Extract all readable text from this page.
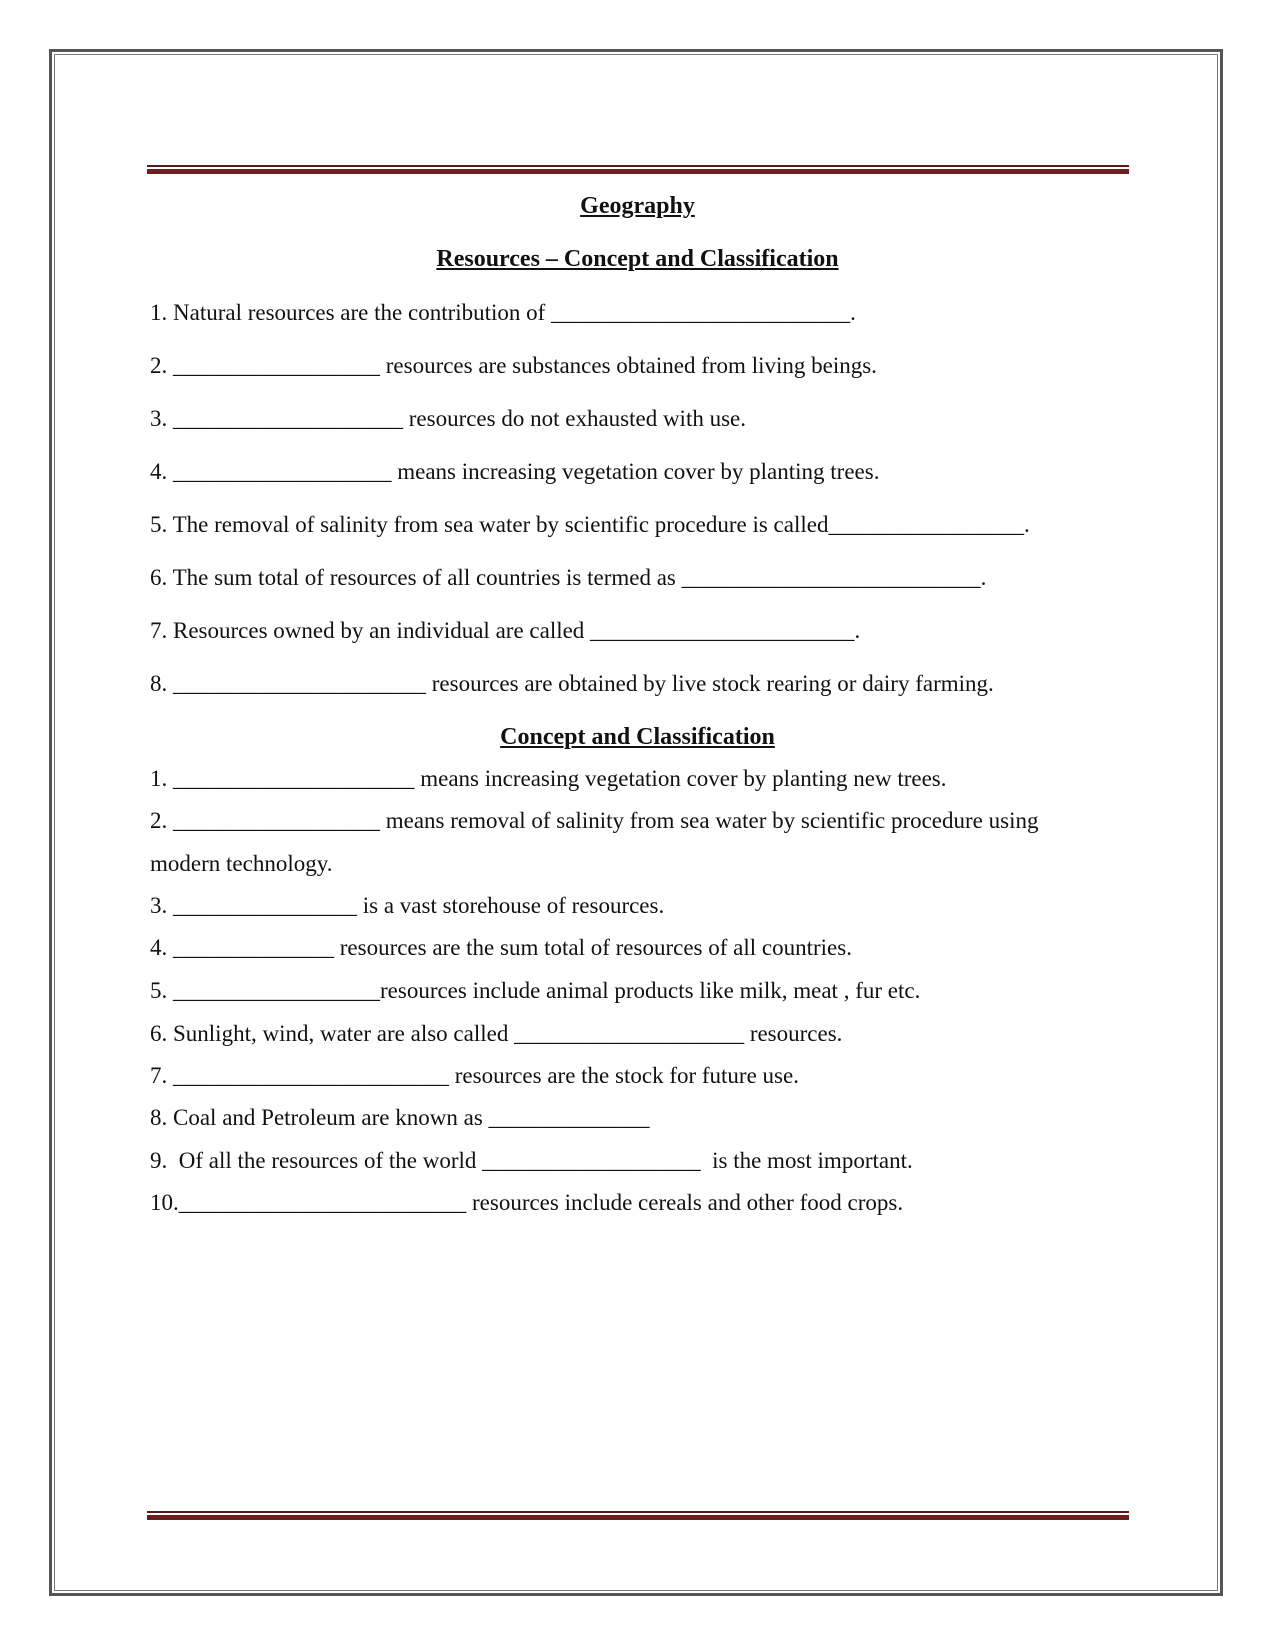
Geography
Resources – Concept and Classification
1. Natural resources are the contribution of __________________________.
2. __________________ resources are substances obtained from living beings.
3. ____________________ resources do not exhausted with use.
4. ___________________ means increasing vegetation cover by planting trees.
5. The removal of salinity from sea water by scientific procedure is called_________________.
6. The sum total of resources of all countries is termed as __________________________.
7. Resources owned by an individual are called _______________________.
8. ______________________ resources are obtained by live stock rearing or dairy farming.
Concept and Classification
1. _____________________ means increasing vegetation cover by planting new trees.
2. __________________ means removal of salinity from sea water by scientific procedure using
modern technology.
3. ________________ is a vast storehouse of resources.
4. ______________ resources are the sum total of resources of all countries.
5. __________________resources include animal products like milk, meat , fur etc.
6. Sunlight, wind, water are also called ____________________ resources.
7. ________________________ resources are the stock for future use.
8. Coal and Petroleum are known as ______________
9.  Of all the resources of the world ___________________  is the most important.
10._________________________ resources include cereals and other food crops.
